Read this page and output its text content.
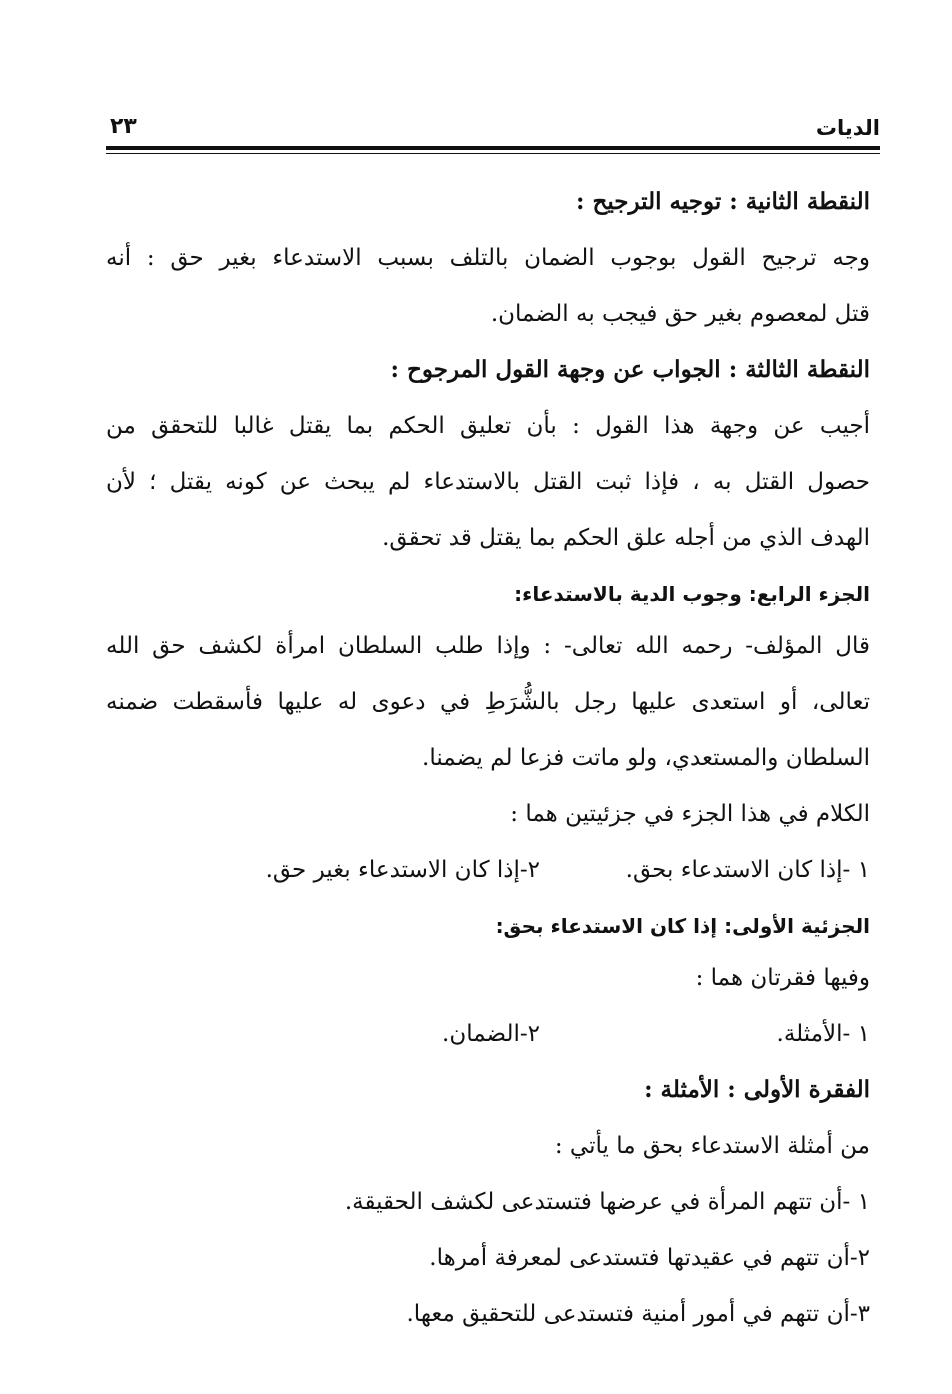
الديات
٢٣
النقطة الثانية : توجيه الترجيح :
وجه ترجيح القول بوجوب الضمان بالتلف بسبب الاستدعاء بغير حق : أنه
قتل لمعصوم بغير حق فيجب به الضمان.
النقطة الثالثة : الجواب عن وجهة القول المرجوح :
أجيب عن وجهة هذا القول : بأن تعليق الحكم بما يقتل غالبا للتحقق من
حصول القتل به ، فإذا ثبت القتل بالاستدعاء لم يبحث عن كونه يقتل ؛ لأن
الهدف الذي من أجله علق الحكم بما يقتل قد تحقق.
الجزء الرابع: وجوب الدية بالاستدعاء:
قال المؤلف- رحمه الله تعالى- : وإذا طلب السلطان امرأة لكشف حق الله
تعالى، أو استعدى عليها رجل بالشُّرَطِ في دعوى له عليها فأسقطت ضمنه
السلطان والمستعدي، ولو ماتت فزعا لم يضمنا.
الكلام في هذا الجزء في جزئيتين هما :
١ -إذا كان الاستدعاء بحق.
٢-إذا كان الاستدعاء بغير حق.
الجزئية الأولى: إذا كان الاستدعاء بحق:
وفيها فقرتان هما :
١ -الأمثلة.
٢-الضمان.
الفقرة الأولى : الأمثلة :
من أمثلة الاستدعاء بحق ما يأتي :
١ -أن تتهم المرأة في عرضها فتستدعى لكشف الحقيقة.
٢-أن تتهم في عقيدتها فتستدعى لمعرفة أمرها.
٣-أن تتهم في أمور أمنية فتستدعى للتحقيق معها.
